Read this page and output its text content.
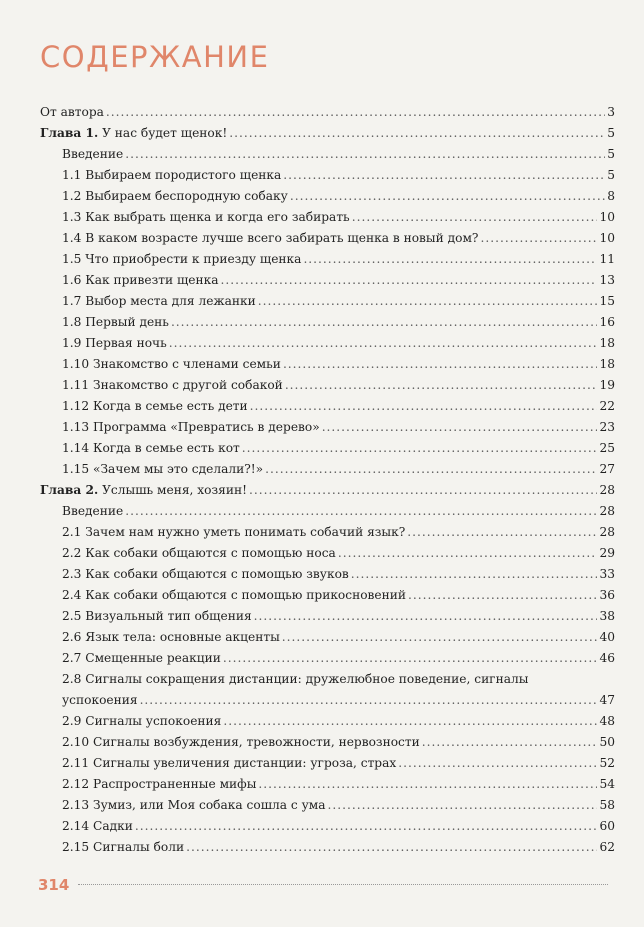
СОДЕРЖАНИЕ
От автора .....	3
Глава 1. У нас будет щенок! .....	5
Введение .....	5
1.1 Выбираем породистого щенка .....	5
1.2 Выбираем беспородную собаку .....	8
1.3 Как выбрать щенка и когда его забирать .....	10
1.4 В каком возрасте лучше всего забирать щенка в новый дом? .....	10
1.5 Что приобрести к приезду щенка .....	11
1.6 Как привезти щенка .....	13
1.7 Выбор места для лежанки .....	15
1.8 Первый день .....	16
1.9 Первая ночь .....	18
1.10 Знакомство с членами семьи .....	18
1.11 Знакомство с другой собакой .....	19
1.12 Когда в семье есть дети .....	22
1.13 Программа «Превратись в дерево» .....	23
1.14 Когда в семье есть кот .....	25
1.15 «Зачем мы это сделали?!» .....	27
Глава 2. Услышь меня, хозяин! .....	28
Введение .....	28
2.1 Зачем нам нужно уметь понимать собачий язык? .....	28
2.2 Как собаки общаются с помощью носа .....	29
2.3 Как собаки общаются с помощью звуков .....	33
2.4 Как собаки общаются с помощью прикосновений .....	36
2.5 Визуальный тип общения .....	38
2.6 Язык тела: основные акценты .....	40
2.7 Смещенные реакции .....	46
2.8 Сигналы сокращения дистанции: дружелюбное поведение, сигналы
успокоения .....	47
2.9 Сигналы успокоения .....	48
2.10 Сигналы возбуждения, тревожности, нервозности .....	50
2.11 Сигналы увеличения дистанции: угроза, страх .....	52
2.12 Распространенные мифы .....	54
2.13 Зумиз, или Моя собака сошла с ума .....	58
2.14 Садки .....	60
2.15 Сигналы боли .....	62
314
